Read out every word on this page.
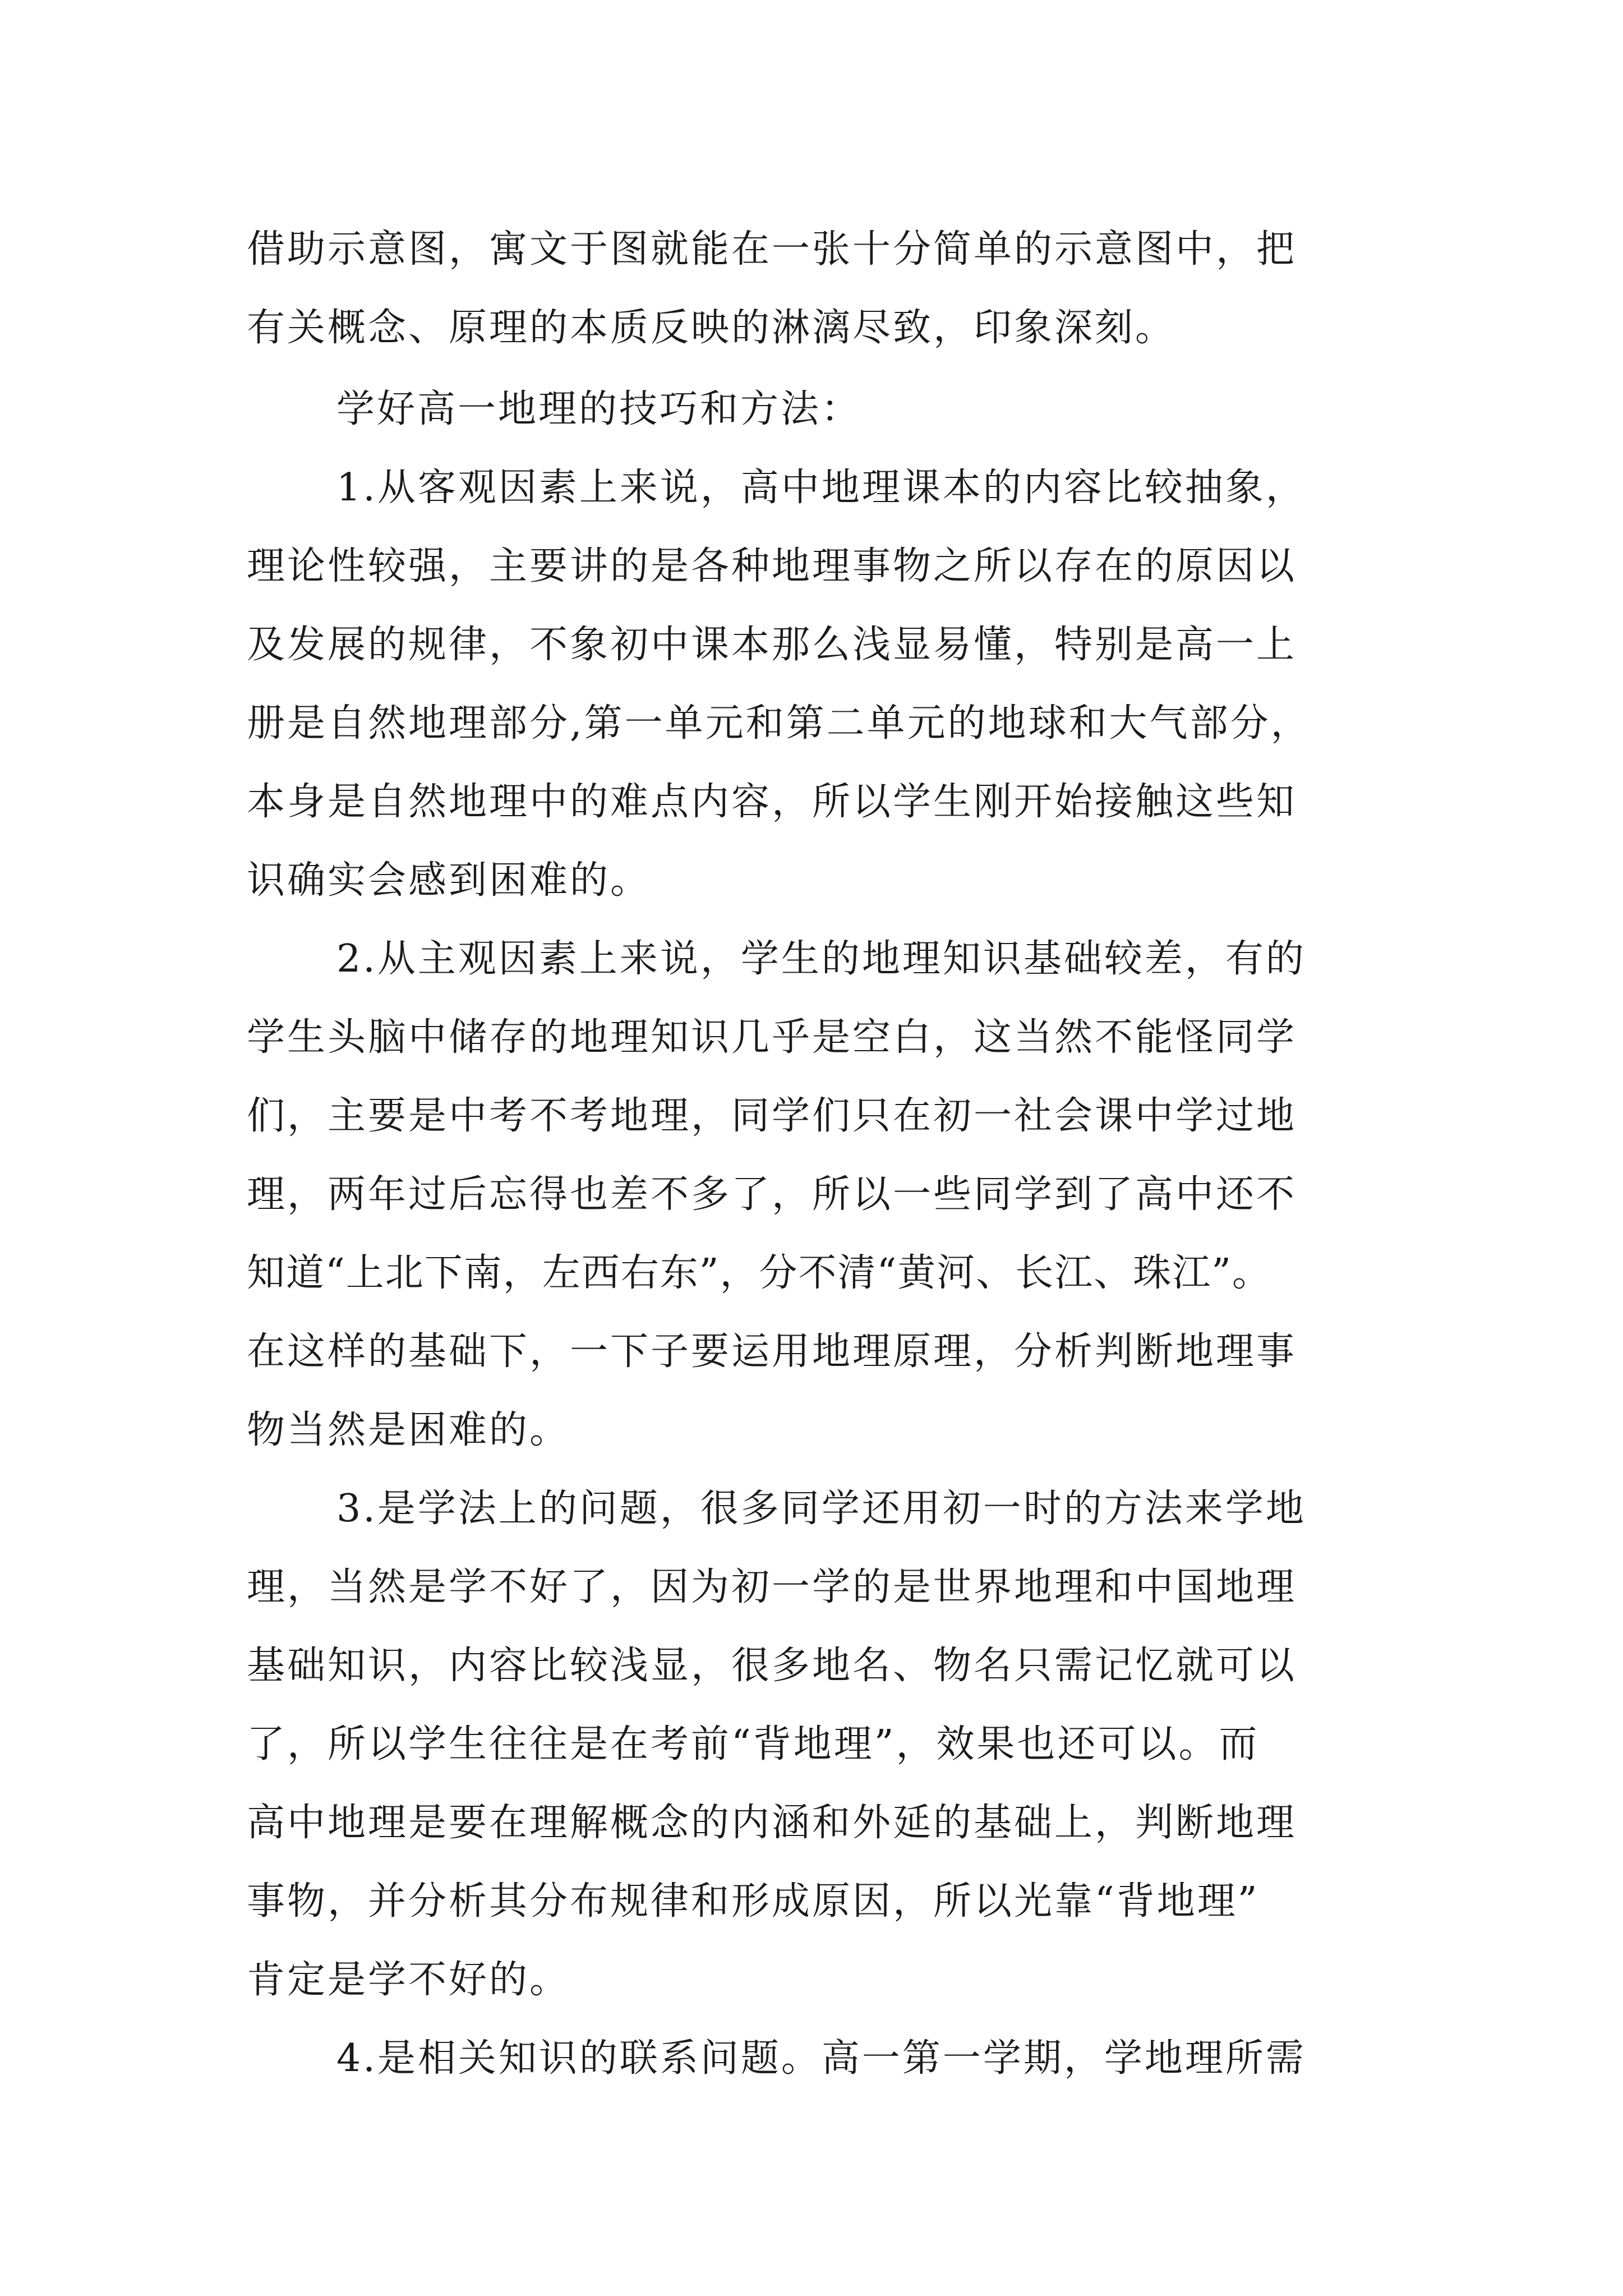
借助示意图，寓文于图就能在一张十分简单的示意图中，把
有关概念、原理的本质反映的淋漓尽致，印象深刻。
学好高一地理的技巧和方法：
1.从客观因素上来说，高中地理课本的内容比较抽象，
理论性较强，主要讲的是各种地理事物之所以存在的原因以
及发展的规律，不象初中课本那么浅显易懂，特别是高一上
册是自然地理部分,第一单元和第二单元的地球和大气部分，
本身是自然地理中的难点内容，所以学生刚开始接触这些知
识确实会感到困难的。
2.从主观因素上来说，学生的地理知识基础较差，有的
学生头脑中储存的地理知识几乎是空白，这当然不能怪同学
们，主要是中考不考地理，同学们只在初一社会课中学过地
理，两年过后忘得也差不多了，所以一些同学到了高中还不
知道“上北下南，左西右东”，分不清“黄河、长江、珠江”。
在这样的基础下，一下子要运用地理原理，分析判断地理事
物当然是困难的。
3.是学法上的问题，很多同学还用初一时的方法来学地
理，当然是学不好了，因为初一学的是世界地理和中国地理
基础知识，内容比较浅显，很多地名、物名只需记忆就可以
了，所以学生往往是在考前“背地理”，效果也还可以。而
高中地理是要在理解概念的内涵和外延的基础上，判断地理
事物，并分析其分布规律和形成原因，所以光靠“背地理”
肯定是学不好的。
4.是相关知识的联系问题。高一第一学期，学地理所需
